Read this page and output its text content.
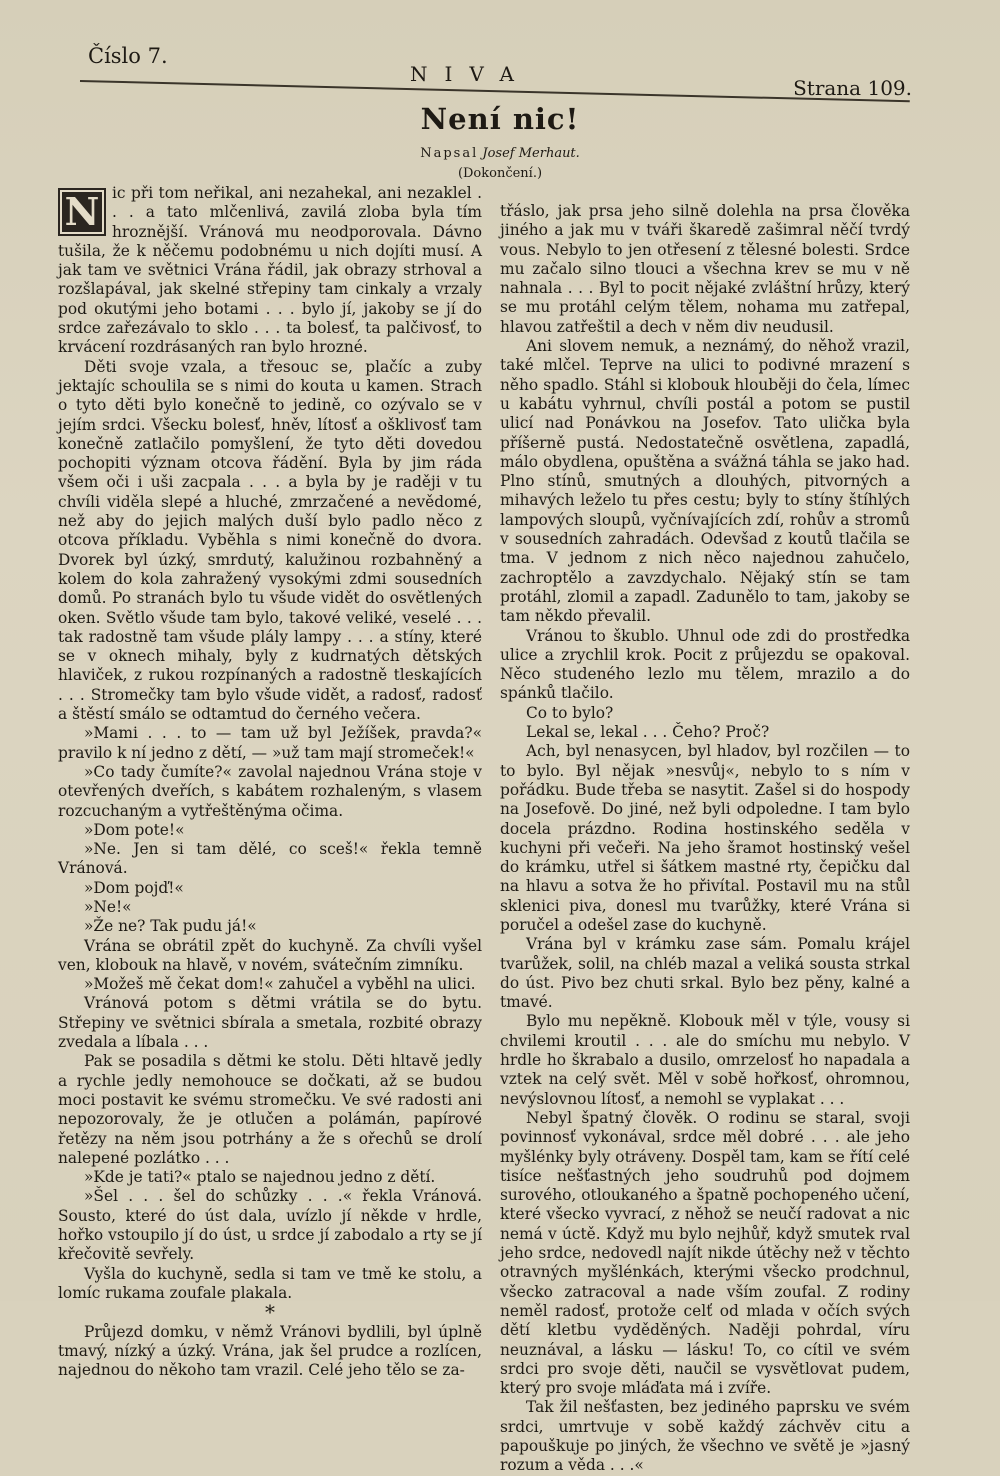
Číslo 7.
NIVA
Strana 109.
Není nic!
Napsal Josef Merhaut.
(Dokončení.)

N ic při tom neřikal, ani nezahekal, ani nezaklel . . . a tato mlčenlivá, zavilá zloba byla tím hroznější. Vránová mu neodporovala. Dávno tušila, že k něčemu podobnému u nich dojíti musí. A jak tam ve světnici Vrána řádil, jak obrazy strhoval a rozšlapával, jak skelné střepiny tam cinkaly a vrzaly pod okutými jeho botami . . . bylo jí, jakoby se jí do srdce zařezávalo to sklo . . . ta bolesť, ta palčivosť, to krvácení rozdrásaných ran bylo hrozné.

Děti svoje vzala, a třesouc se, plačíc a zuby jektajíc schoulila se s nimi do kouta u kamen. Strach o tyto děti bylo konečně to jedině, co ozývalo se v jejím srdci. Všecku bolesť, hněv, lítosť a ošklivosť tam konečně zatlačilo pomyšlení, že tyto děti dovedou pochopiti význam otcova řádění. Byla by jim ráda všem oči i uši zacpala . . . a byla by je raději v tu chvíli viděla slepé a hluché, zmrzačené a nevědomé, než aby do jejich malých duší bylo padlo něco z otcova příkladu. Vyběhla s nimi konečně do dvora. Dvorek byl úzký, smrdutý, kalužinou rozbahněný a kolem do kola zahražený vysokými zdmi sousedních domů. Po stranách bylo tu všude vidět do osvětlených oken. Světlo všude tam bylo, takové veliké, veselé . . . tak radostně tam všude plály lampy . . . a stíny, které se v oknech mihaly, byly z kudrnatých dětských hlaviček, z rukou rozpínaných a radostně tleskajících . . . Stromečky tam bylo všude vidět, a radosť, radosť a štěstí smálo se odtamtud do černého večera.

»Mami . . . to — tam už byl Ježíšek, pravda?« pravilo k ní jedno z dětí, — »už tam mají stromeček!«

»Co tady čumíte?« zavolal najednou Vrána stoje v otevřených dveřích, s kabátem rozhaleným, s vlasem rozcuchaným a vytřeštěnýma očima.

»Dom pote!«

»Ne. Jen si tam dělé, co sceš!« řekla temně Vránová.

»Dom pojď!«

»Ne!«

»Že ne? Tak pudu já!«

Vrána se obrátil zpět do kuchyně. Za chvíli vyšel ven, klobouk na hlavě, v novém, svátečním zimníku.

»Možeš mě čekat dom!« zahučel a vyběhl na ulici.

Vránová potom s dětmi vrátila se do bytu. Střepiny ve světnici sbírala a smetala, rozbité obrazy zvedala a líbala . . .

Pak se posadila s dětmi ke stolu. Děti hltavě jedly a rychle jedly nemohouce se dočkati, až se budou moci postavit ke svému stromečku. Ve své radosti ani nepozorovaly, že je otlučen a polámán, papírové řetězy na něm jsou potrhány a že s ořechů se drolí nalepené pozlátko . . .

»Kde je tati?« ptalo se najednou jedno z dětí.

»Šel . . . šel do schůzky . . .« řekla Vránová. Sousto, které do úst dala, uvízlo jí někde v hrdle, hořko vstoupilo jí do úst, u srdce jí zabodalo a rty se jí křečovitě sevřely.

Vyšla do kuchyně, sedla si tam ve tmě ke stolu, a lomíc rukama zoufale plakala.

*

Průjezd domku, v němž Vránovi bydlili, byl úplně tmavý, nízký a úzký. Vrána, jak šel prudce a rozlícen, najednou do někoho tam vrazil. Celé jeho tělo se za-

třáslo, jak prsa jeho silně dolehla na prsa člověka jiného a jak mu v tváři škaredě zašimral něčí tvrdý vous. Nebylo to jen otřesení z tělesné bolesti. Srdce mu začalo silno tlouci a všechna krev se mu v ně nahnala . . . Byl to pocit nějaké zvláštní hrůzy, který se mu protáhl celým tělem, nohama mu zatřepal, hlavou zatřeštil a dech v něm div neudusil.

Ani slovem nemuk, a neznámý, do něhož vrazil, také mlčel. Teprve na ulici to podivné mrazení s něho spadlo. Stáhl si klobouk hlouběji do čela, límec u kabátu vyhrnul, chvíli postál a potom se pustil ulicí nad Ponávkou na Josefov. Tato ulička byla příšerně pustá. Nedostatečně osvětlena, zapadlá, málo obydlena, opuštěna a svážná táhla se jako had. Plno stínů, smutných a dlouhých, pitvorných a mihavých leželo tu přes cestu; byly to stíny štíhlých lampových sloupů, vyčnívajících zdí, rohův a stromů v sousedních zahradách. Odevšad z koutů tlačila se tma. V jednom z nich něco najednou zahučelo, zachroptělo a zavzdychalo. Nějaký stín se tam protáhl, zlomil a zapadl. Zadunělo to tam, jakoby se tam někdo převalil.

Vránou to škublo. Uhnul ode zdi do prostředka ulice a zrychlil krok. Pocit z průjezdu se opakoval. Něco studeného lezlo mu tělem, mrazilo a do spánků tlačilo.

Co to bylo?

Lekal se, lekal . . . Čeho? Proč?

Ach, byl nenasycen, byl hladov, byl rozčilen — to to bylo. Byl nějak »nesvůj«, nebylo to s ním v pořádku. Bude třeba se nasytit. Zašel si do hospody na Josefově. Do jiné, než byli odpoledne. I tam bylo docela prázdno. Rodina hostinského seděla v kuchyni při večeři. Na jeho šramot hostinský vešel do krámku, utřel si šátkem mastné rty, čepičku dal na hlavu a sotva že ho přivítal. Postavil mu na stůl sklenici piva, donesl mu tvarůžky, které Vrána si poručel a odešel zase do kuchyně.

Vrána byl v krámku zase sám. Pomalu krájel tvarůžek, solil, na chléb mazal a veliká sousta strkal do úst. Pivo bez chuti srkal. Bylo bez pěny, kalné a tmavé.

Bylo mu nepěkně. Klobouk měl v týle, vousy si chvilemi kroutil . . . ale do smíchu mu nebylo. V hrdle ho škrabalo a dusilo, omrzelosť ho napadala a vztek na celý svět. Měl v sobě hořkosť, ohromnou, nevýslovnou lítosť, a nemohl se vyplakat . . .

Nebyl špatný člověk. O rodinu se staral, svoji povinnosť vykonával, srdce měl dobré . . . ale jeho myšlénky byly otráveny. Dospěl tam, kam se řítí celé tisíce nešťastných jeho soudruhů pod dojmem surového, otloukaného a špatně pochopeného učení, které všecko vyvrací, z něhož se neučí radovat a nic nemá v úctě. Když mu bylo nejhůř, když smutek rval jeho srdce, nedovedl najít nikde útěchy než v těchto otravných myšlénkách, kterými všecko prodchnul, všecko zatracoval a nade vším zoufal. Z rodiny neměl radosť, protože celť od mlada v očích svých dětí kletbu vyděděných. Naději pohrdal, víru neuznával, a lásku — lásku! To, co cítil ve svém srdci pro svoje děti, naučil se vysvětlovat pudem, který pro svoje mláďata má i zvíře.

Tak žil nešťasten, bez jediného paprsku ve svém srdci, umrtvuje v sobě každý záchvěv citu a papouškuje po jiných, že všechno ve světě je »jasný rozum a věda . . .«
